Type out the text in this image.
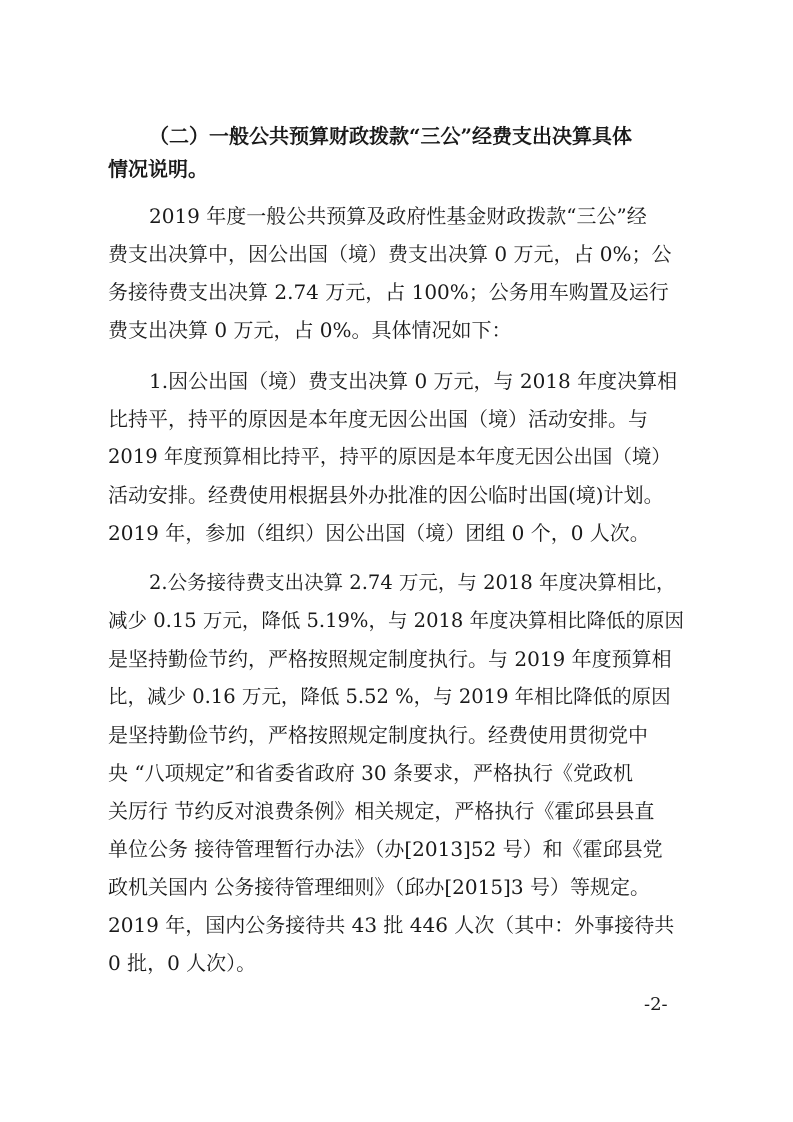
（二）一般公共预算财政拨款“三公”经费支出决算具体
情况说明。
2019 年度一般公共预算及政府性基金财政拨款“三公”经
费支出决算中，因公出国（境）费支出决算 0 万元，占 0%；公
务接待费支出决算 2.74 万元，占 100%；公务用车购置及运行
费支出决算 0 万元，占 0%。具体情况如下：
1.因公出国（境）费支出决算 0 万元，与 2018 年度决算相
比持平，持平的原因是本年度无因公出国（境）活动安排。与
2019 年度预算相比持平，持平的原因是本年度无因公出国（境）
活动安排。经费使用根据县外办批准的因公临时出国(境)计划。
2019 年，参加（组织）因公出国（境）团组 0 个，0 人次。
2.公务接待费支出决算 2.74 万元，与 2018 年度决算相比，
减少 0.15 万元，降低 5.19%，与 2018 年度决算相比降低的原因
是坚持勤俭节约，严格按照规定制度执行。与 2019 年度预算相
比，减少 0.16 万元，降低 5.52 %，与 2019 年相比降低的原因
是坚持勤俭节约，严格按照规定制度执行。经费使用贯彻党中
央 “八项规定”和省委省政府 30 条要求，严格执行《党政机
关厉行 节约反对浪费条例》相关规定，严格执行《霍邱县县直
单位公务 接待管理暂行办法》（办[2013]52 号）和《霍邱县党
政机关国内 公务接待管理细则》（邱办[2015]3 号）等规定。
2019 年，国内公务接待共 43 批 446 人次（其中：外事接待共
0 批，0 人次）。
-2-
